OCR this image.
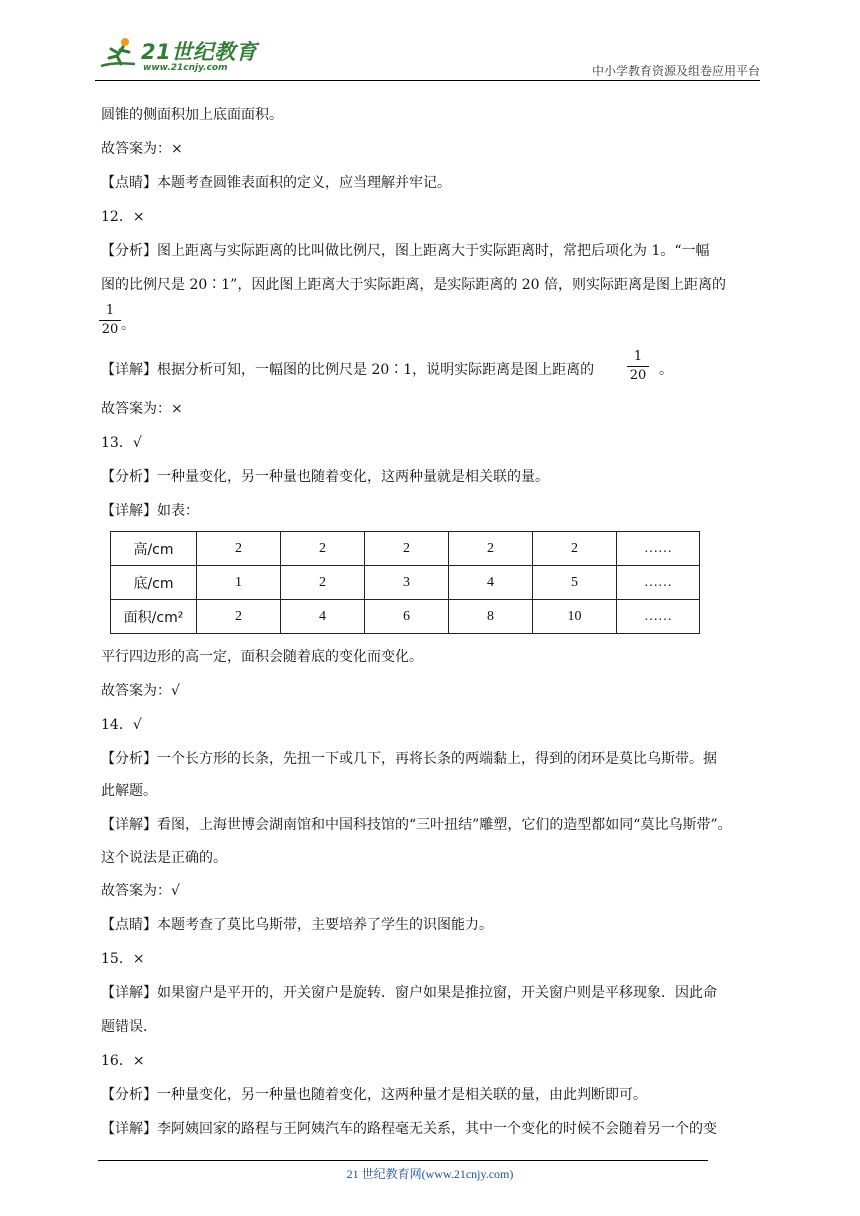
21世纪教育
www.21cnjy.com	中小学教育资源及组卷应用平台
圆锥的侧面积加上底面面积。
故答案为：×
【点睛】本题考查圆锥表面积的定义，应当理解并牢记。
12．×
【分析】图上距离与实际距离的比叫做比例尺，图上距离大于实际距离时，常把后项化为 1。“一幅
图的比例尺是 20∶1”，因此图上距离大于实际距离，是实际距离的 20 倍，则实际距离是图上距离的
1
20 。
【详解】根据分析可知，一幅图的比例尺是 20∶1，说明实际距离是图上距离的
1
20 。
故答案为：×
13．√
【分析】一种量变化，另一种量也随着变化，这两种量就是相关联的量。
【详解】如表：
高/cm	2	2	2	2	2	……
底/cm	1	2	3	4	5	……
面积/cm²	2	4	6	8	10	……
平行四边形的高一定，面积会随着底的变化而变化。
故答案为：√
14．√
【分析】一个长方形的长条，先扭一下或几下，再将长条的两端黏上，得到的闭环是莫比乌斯带。据
此解题。
【详解】看图，上海世博会湖南馆和中国科技馆的“三叶扭结”雕塑，它们的造型都如同“莫比乌斯带”。
这个说法是正确的。
故答案为：√
【点睛】本题考查了莫比乌斯带，主要培养了学生的识图能力。
15．×
【详解】如果窗户是平开的，开关窗户是旋转．窗户如果是推拉窗，开关窗户则是平移现象．因此命
题错误．
16．×
【分析】一种量变化，另一种量也随着变化，这两种量才是相关联的量，由此判断即可。
【详解】李阿姨回家的路程与王阿姨汽车的路程毫无关系，其中一个变化的时候不会随着另一个的变
21 世纪教育网(www.21cnjy.com)
